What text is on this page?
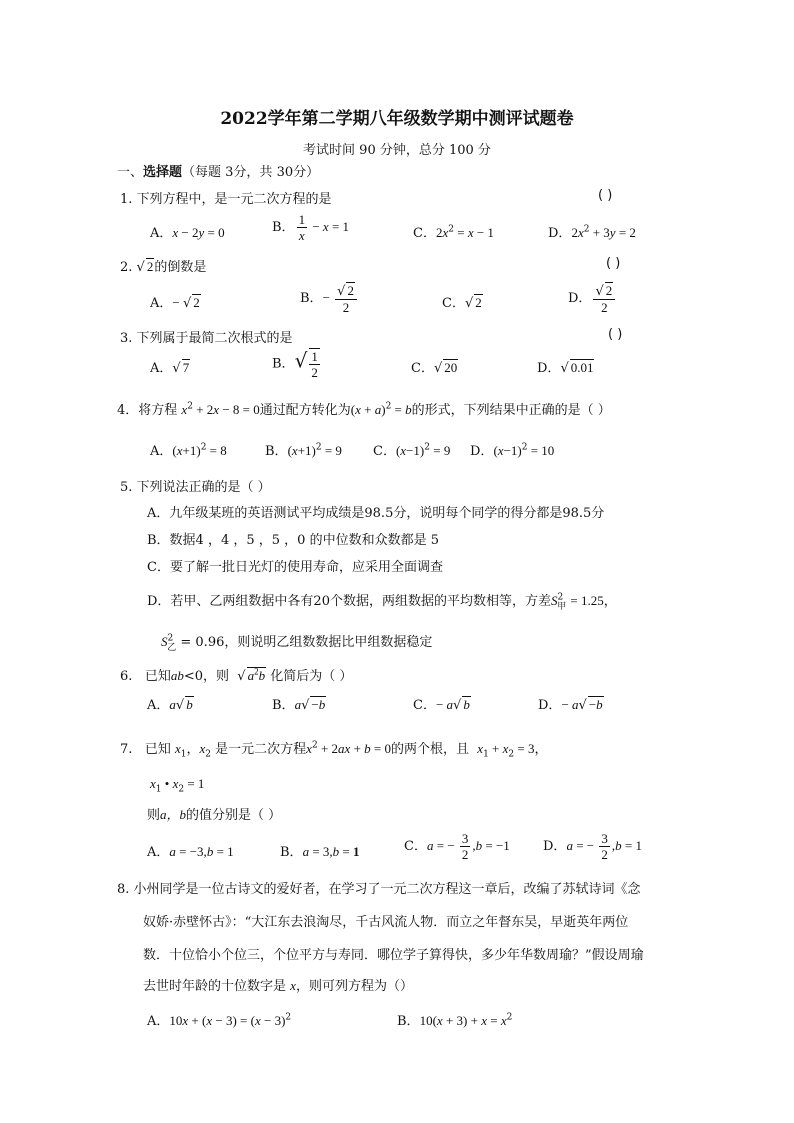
2022学年第二学期八年级数学期中测评试题卷
考试时间 90 分钟，总分 100 分
一、选择题（每题 3分，共 30分）
1. 下列方程中，是一元二次方程的是	( )
A．x − 2y = 0	B． $\frac{1}{x} - x = 1$	C．$2x^2 = x - 1$	D．$2x^2 + 3y = 2$
2. √ 2的倒数是	( )
A．− √ 2	B．− $\frac{√ 2}{2}$	C．√ 2	D． $\frac{√ 2}{2}$
3. 下列属于最简二次根式的是	( )
A．√ 7	B．√ $\frac{1}{2}$	C．√ 20	D．√ 0.01
4．将方程 $x^2 + 2x - 8 = 0$通过配方转化为$(x + a)^2 = b$的形式，下列结果中正确的是（ ）
A．$(x+1)^2 = 8$	B．$(x+1)^2 = 9$ C．$(x-1)^2 = 9$ D．$(x-1)^2 = 10$
5. 下列说法正确的是（ ）
A．九年级某班的英语测试平均成绩是98.5分，说明每个同学的得分都是98.5分
B．数据4 ，4 ，5 ，5 ，0 的中位数和众数都是 5
C．要了解一批日光灯的使用寿命，应采用全面调查
D．若甲、乙两组数据中各有20个数据，两组数据的平均数相等，方差$S^2_甲 = 1.25$，
$S^2_乙 = 0.96$，则说明乙组数数据比甲组数据稳定
6. 已知ab<0，则 √ $a^2b$ 化简后为（ ）
A．a√ b	B．a√ −b	C．− a√ b	D．− a√ −b
7. 已知 $x_1$，$x_2$ 是一元二次方程$x^2 + 2ax + b = 0$的两个根，且 $x_1 + x_2 = 3$，
$x_1$ • $x_2 = 1$
则a，b的值分别是（ ）
A．a = −3,b = 1	B．a = 3,b = 1	C．a = − $\frac{3}{2} ,b = -1$	D．a = − $\frac{3}{2} ,b = 1$
8. 小州同学是一位古诗文的爱好者，在学习了一元二次方程这一章后，改编了苏轼诗词《念
奴娇·赤壁怀古》：“大江东去浪淘尽，千古风流人物．而立之年督东吴，早逝英年两位
数．十位恰小个位三，个位平方与寿同．哪位学子算得快，多少年华数周瑜？”假设周瑜
去世时年龄的十位数字是 x，则可列方程为（）
A．$10x + (x - 3) = (x - 3)^2$	B．$10(x + 3) + x = x^2$
